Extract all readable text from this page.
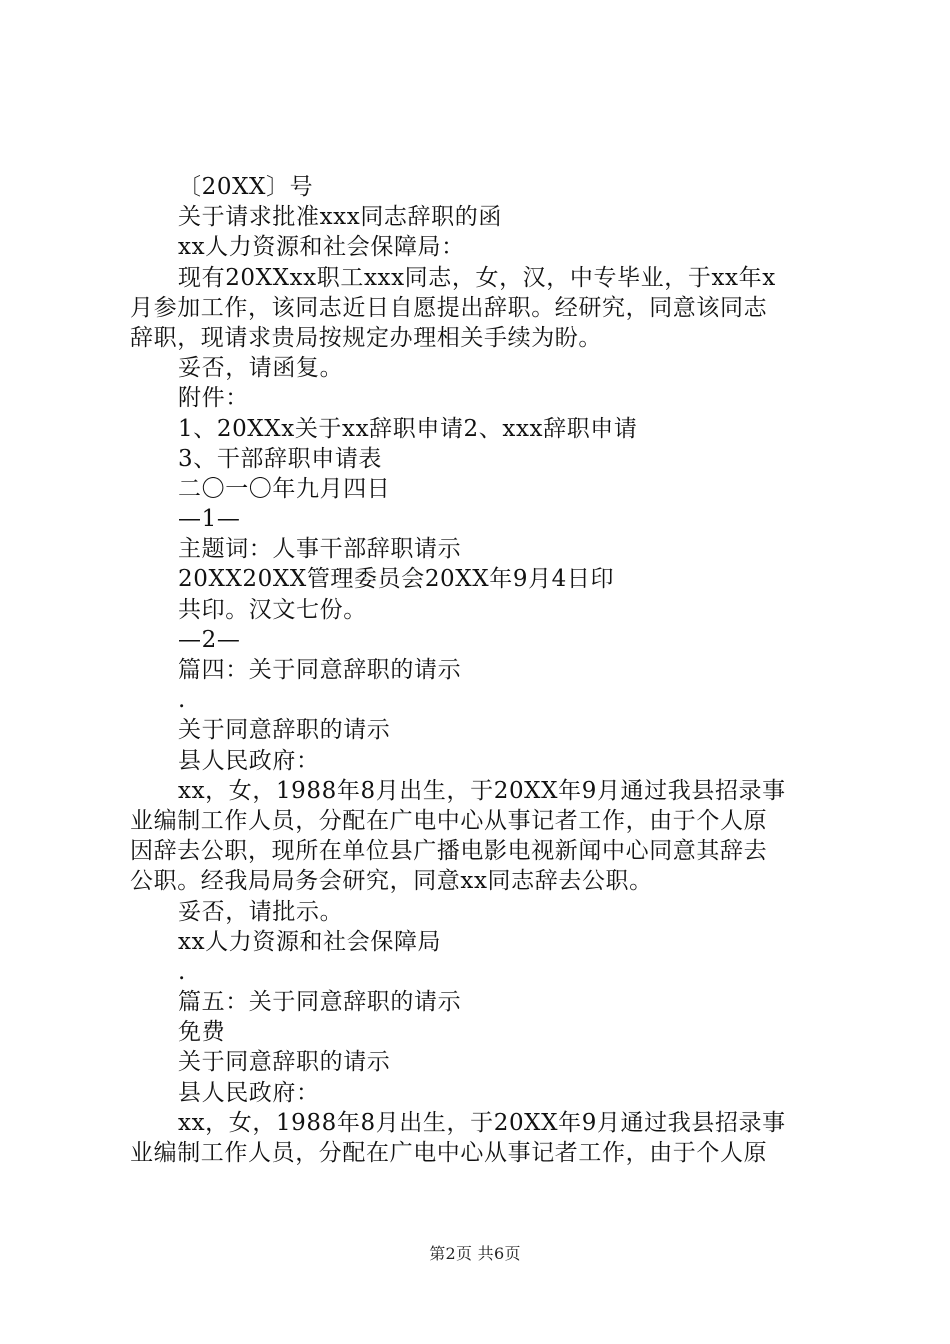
〔20XX〕号
关于请求批准xxx同志辞职的函
xx人力资源和社会保障局：
现有20XXxx职工xxx同志，女，汉，中专毕业，于xx年x
月参加工作，该同志近日自愿提出辞职。经研究，同意该同志
辞职，现请求贵局按规定办理相关手续为盼。
妥否，请函复。
附件：
1、20XXx关于xx辞职申请2、xxx辞职申请
3、干部辞职申请表
二〇一〇年九月四日
—1—
主题词：人事干部辞职请示
20XX20XX管理委员会20XX年9月4日印
共印。汉文七份。
—2—
篇四：关于同意辞职的请示
.
关于同意辞职的请示
县人民政府：
xx，女，1988年8月出生，于20XX年9月通过我县招录事
业编制工作人员，分配在广电中心从事记者工作，由于个人原
因辞去公职，现所在单位县广播电影电视新闻中心同意其辞去
公职。经我局局务会研究，同意xx同志辞去公职。
妥否，请批示。
xx人力资源和社会保障局
.
篇五：关于同意辞职的请示
免费
关于同意辞职的请示
县人民政府：
xx，女，1988年8月出生，于20XX年9月通过我县招录事
业编制工作人员，分配在广电中心从事记者工作，由于个人原
第2页 共6页
